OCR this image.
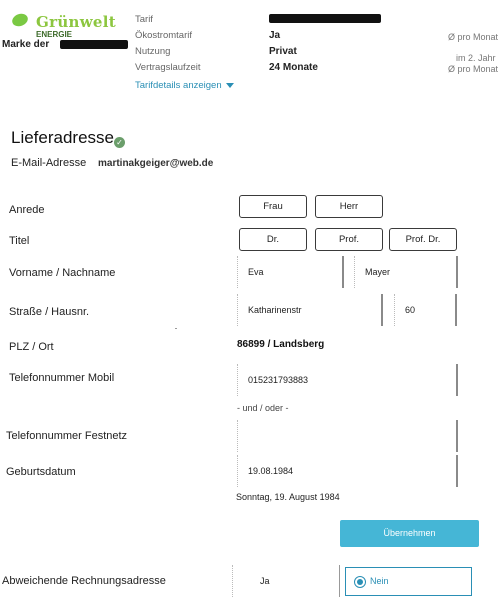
Grünwelt
ENERGIE
Marke der
Tarif
Ökostromtarif	Ja
Nutzung	Privat
Vertragslaufzeit	24 Monate
Tarifdetails anzeigen
Ø pro Monat
im 2. Jahr
Ø pro Monat
Lieferadresse ✓
E-Mail-Adresse martinakgeiger@web.de
Anrede	Frau	Herr
Titel	Dr.	Prof.	Prof. Dr.
Vorname / Nachname	Eva	Mayer
Straße / Hausnr.	Katharinenstr	60
PLZ / Ort	86899 / Landsberg
Telefonnummer Mobil	015231793883
- und / oder -
Telefonnummer Festnetz
Geburtsdatum	19.08.1984
Sonntag, 19. August 1984
Übernehmen
Abweichende Rechnungsadresse	Ja	Nein
